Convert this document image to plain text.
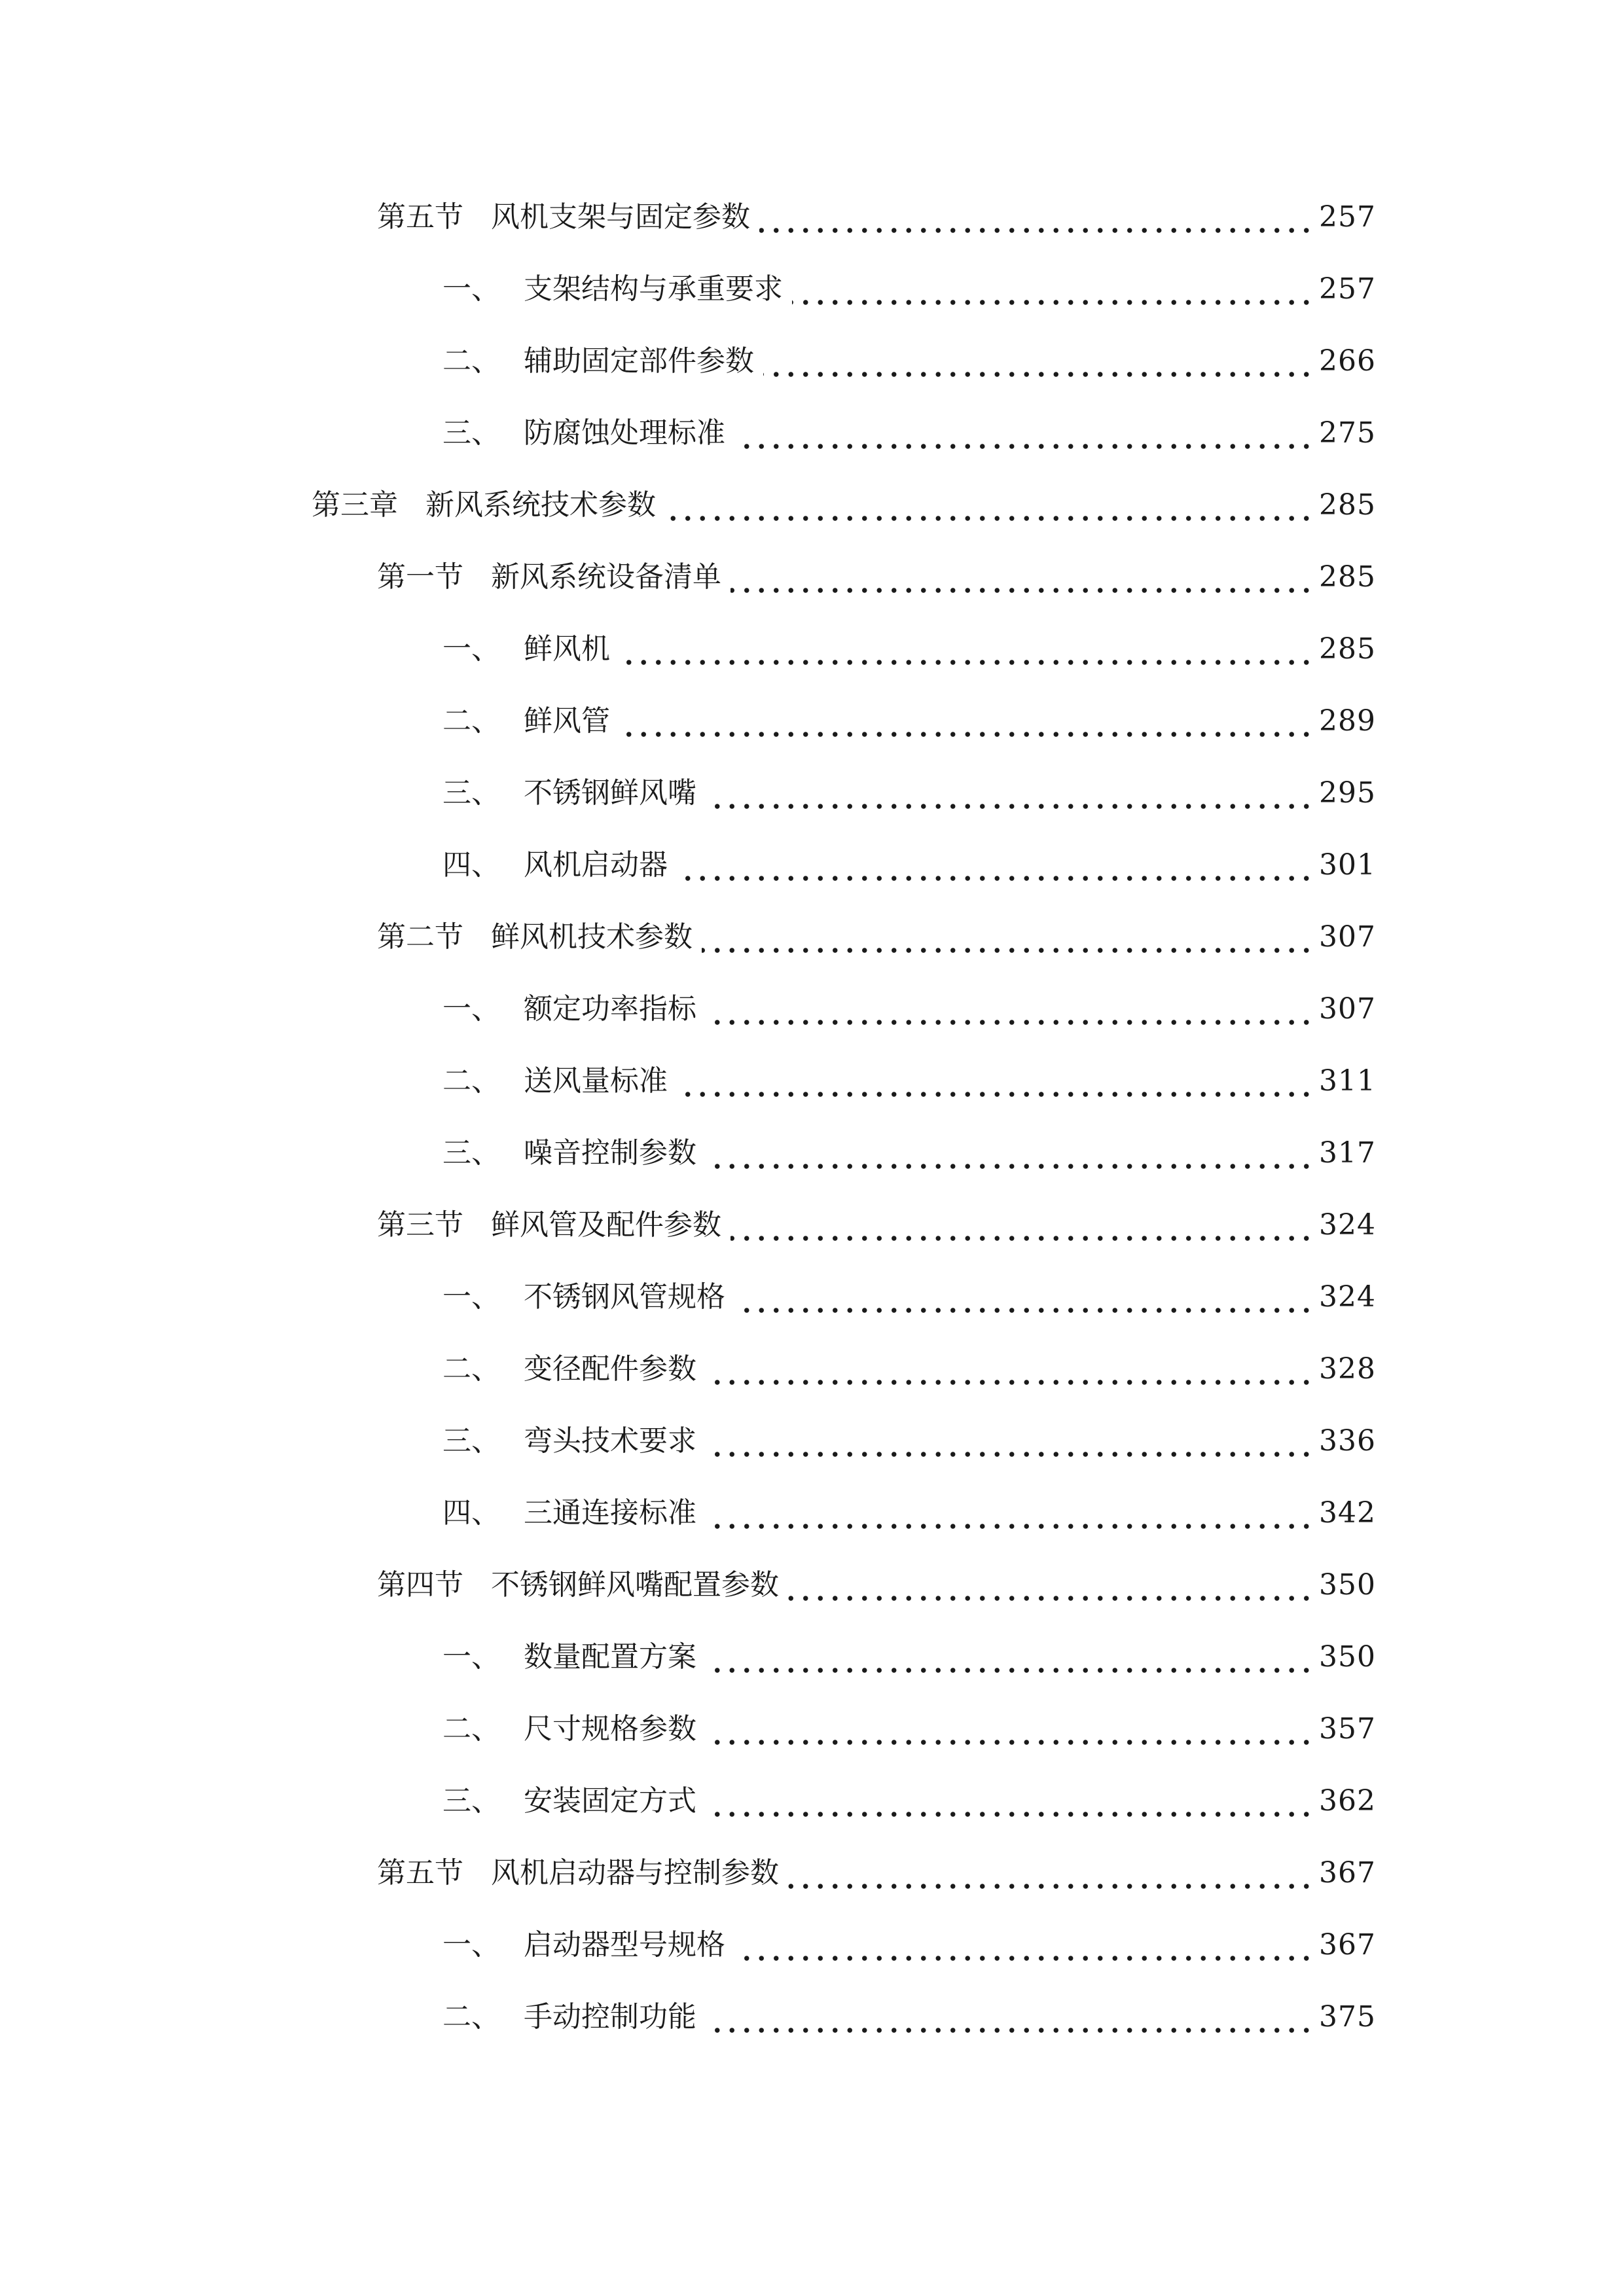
第五节 风机支架与固定参数	257
一、 支架结构与承重要求	257
二、 辅助固定部件参数	266
三、 防腐蚀处理标准	275
第三章 新风系统技术参数	285
第一节 新风系统设备清单	285
一、 鲜风机	285
二、 鲜风管	289
三、 不锈钢鲜风嘴	295
四、 风机启动器	301
第二节 鲜风机技术参数	307
一、 额定功率指标	307
二、 送风量标准	311
三、 噪音控制参数	317
第三节 鲜风管及配件参数	324
一、 不锈钢风管规格	324
二、 变径配件参数	328
三、 弯头技术要求	336
四、 三通连接标准	342
第四节 不锈钢鲜风嘴配置参数	350
一、 数量配置方案	350
二、 尺寸规格参数	357
三、 安装固定方式	362
第五节 风机启动器与控制参数	367
一、 启动器型号规格	367
二、 手动控制功能	375
